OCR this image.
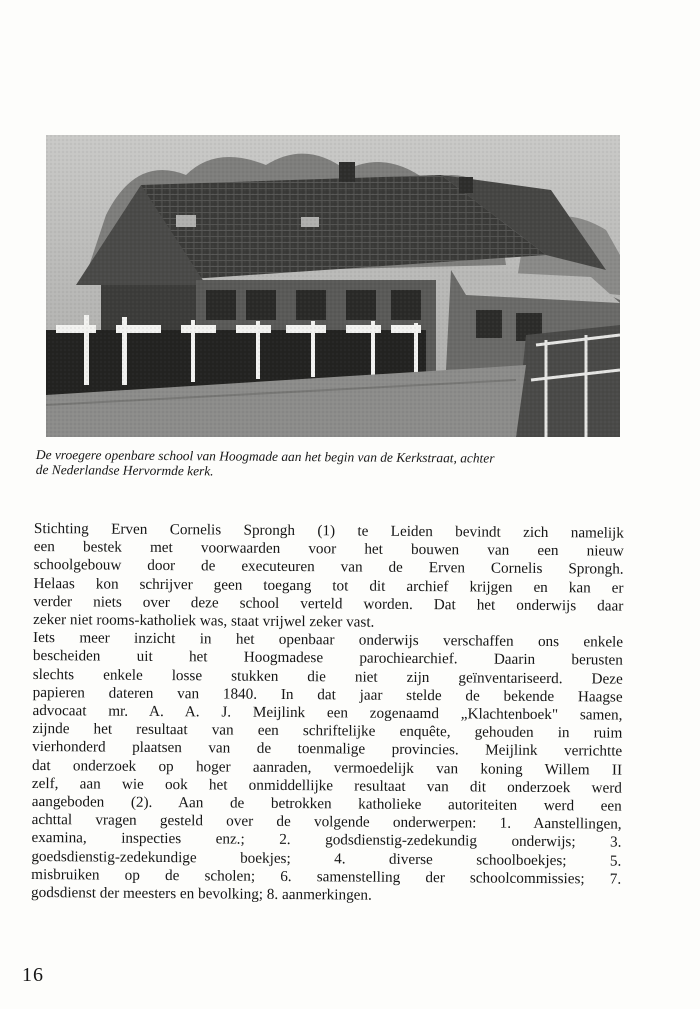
De vroegere openbare school van Hoogmade aan het begin van de Kerkstraat, achter

de Nederlandse Hervormde kerk.

Stichting Erven Cornelis Sprongh (1) te Leiden bevindt zich namelijk

een bestek met voorwaarden voor het bouwen van een nieuw

schoolgebouw door de executeuren van de Erven Cornelis Sprongh.

Helaas kon schrijver geen toegang tot dit archief krijgen en kan er

verder niets over deze school verteld worden. Dat het onderwijs daar

zeker niet rooms-katholiek was, staat vrijwel zeker vast.

Iets meer inzicht in het openbaar onderwijs verschaffen ons enkele

bescheiden uit het Hoogmadese parochiearchief. Daarin berusten

slechts enkele losse stukken die niet zijn geïnventariseerd. Deze

papieren dateren van 1840. In dat jaar stelde de bekende Haagse

advocaat mr. A. A. J. Meijlink een zogenaamd „Klachtenboek" samen,

zijnde het resultaat van een schriftelijke enquête, gehouden in ruim

vierhonderd plaatsen van de toenmalige provincies. Meijlink verrichtte

dat onderzoek op hoger aanraden, vermoedelijk van koning Willem II

zelf, aan wie ook het onmiddellijke resultaat van dit onderzoek werd

aangeboden (2). Aan de betrokken katholieke autoriteiten werd een

achttal vragen gesteld over de volgende onderwerpen: 1. Aanstellingen,

examina, inspecties enz.; 2. godsdienstig-zedekundig onderwijs; 3.

goedsdienstig-zedekundige boekjes; 4. diverse schoolboekjes; 5.

misbruiken op de scholen; 6. samenstelling der schoolcommissies; 7.

godsdienst der meesters en bevolking; 8. aanmerkingen.

16
